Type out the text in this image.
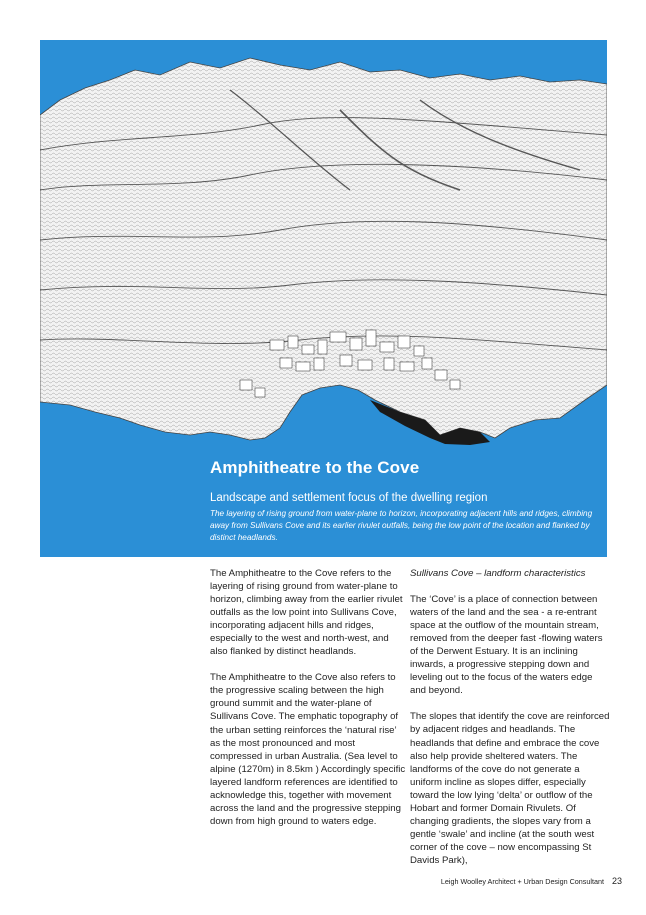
Amphitheatre to the Cove
Landscape and settlement focus of the dwelling region

The layering of rising ground from water-plane to horizon, incorporating adjacent hills and ridges, climbing away from Sullivans Cove and its earlier rivulet outfalls, being the low point of the location and flanked by distinct headlands.

The Amphitheatre to the Cove refers to the layering of rising ground from water-plane to horizon, climbing away from the earlier rivulet outfalls as the low point into Sullivans Cove, incorporating adjacent hills and ridges, especially to the west and north-west, and also flanked by distinct headlands.

The Amphitheatre to the Cove also refers to the progressive scaling between the high ground summit and the water-plane of Sullivans Cove. The emphatic topography of the urban setting reinforces the ‘natural rise’ as the most pronounced and most compressed in urban Australia. (Sea level to alpine (1270m) in 8.5km ) Accordingly specific layered landform references are identified to acknowledge this, together with movement across the land and the progressive stepping down from high ground to waters edge.

Sullivans Cove – landform characteristics

The ‘Cove’ is a place of connection between waters of the land and the sea - a re-entrant space at the outflow of the mountain stream, removed from the deeper fast -flowing waters of the Derwent Estuary. It is an inclining inwards, a progressive stepping down and leveling out to the focus of the waters edge and beyond.

The slopes that identify the cove are reinforced by adjacent ridges and headlands. The headlands that define and embrace the cove also help provide sheltered waters. The landforms of the cove do not generate a uniform incline as slopes differ, especially toward the low lying ‘delta’ or outflow of the Hobart and former Domain Rivulets. Of changing gradients, the slopes vary from a gentle ‘swale’ and incline (at the south west corner of the cove – now encompassing St Davids Park),

Leigh Woolley Architect + Urban Design Consultant 23
